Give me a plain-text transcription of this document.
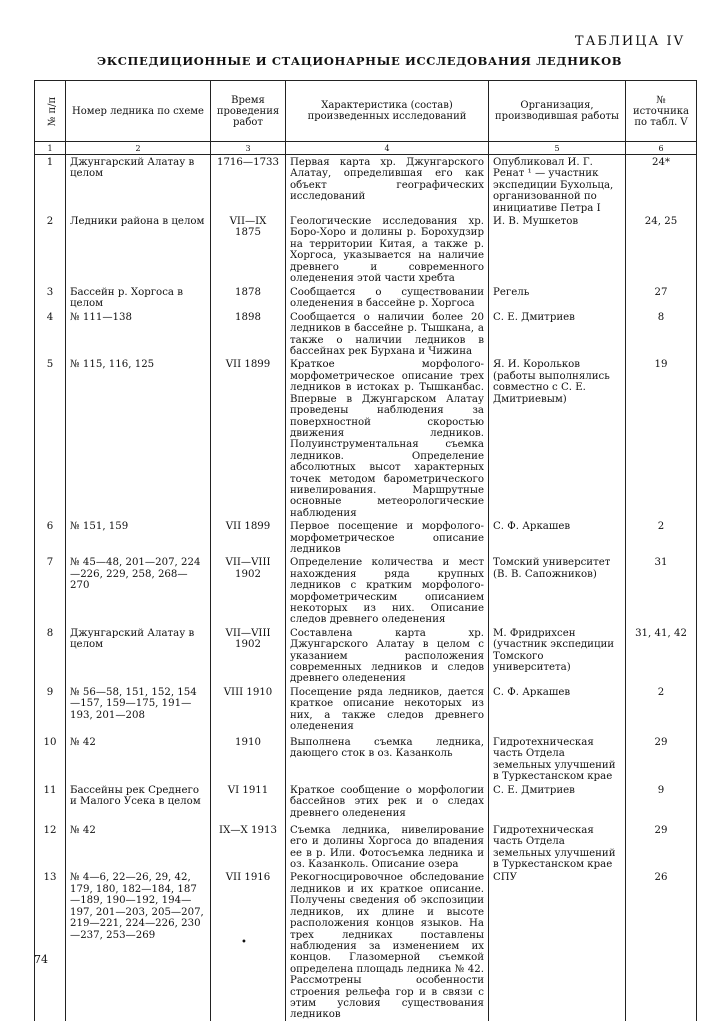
ТАБЛИЦА IV
ЭКСПЕДИЦИОННЫЕ И СТАЦИОНАРНЫЕ ИССЛЕДОВАНИЯ ЛЕДНИКОВ
№ п/п	Номер ледника по схеме	Время проведения работ	Характеристика (состав) произведенных исследований	Организация, производившая работы	№ источника по табл. V
1	2	3	4	5	6
1	Джунгарский Алатау в целом	1716—1733	Первая карта хр. Джунгарского Алатау, определившая его как объект географических исследований	Опубликовал И. Г. Ренат ¹ — участник экспедиции Бухольца, организованной по инициативе Петра I	24*
2	Ледники района в целом	VII—IX 1875	Геологические исследования хр. Боро-Хоро и долины р. Борохудзир на территории Китая, а также р. Хоргоса, указывается на наличие древнего и современного оледенения этой части хребта	И. В. Мушкетов	24, 25
3	Бассейн р. Хоргоса в целом	1878	Сообщается о существовании оледенения в бассейне р. Хоргоса	Регель	27
4	№ 111—138	1898	Сообщается о наличии более 20 ледников в бассейне р. Тышкана, а также о наличии ледников в бассейнах рек Бурхана и Чижина	С. Е. Дмитриев	8
5	№ 115, 116, 125	VII 1899	Краткое морфолого-морфометрическое описание трех ледников в истоках р. Тышканбас. Впервые в Джунгарском Алатау проведены наблюдения за поверхностной скоростью движения ледников. Полуинструментальная съемка ледников. Определение абсолютных высот характерных точек методом барометрического нивелирования. Маршрутные основные метеорологические наблюдения	Я. И. Корольков (работы выполнялись совместно с С. Е. Дмитриевым)	19
6	№ 151, 159	VII 1899	Первое посещение и морфолого-морфометрическое описание ледников	С. Ф. Аркашев	2
7	№ 45—48, 201—207, 224—226, 229, 258, 268—270	VII—VIII 1902	Определение количества и мест нахождения ряда крупных ледников с кратким морфолого-морфометрическим описанием некоторых из них. Описание следов древнего оледенения	Томский университет (В. В. Сапожников)	31
8	Джунгарский Алатау в целом	VII—VIII 1902	Составлена карта хр. Джунгарского Алатау в целом с указанием расположения современных ледников и следов древнего оледенения	М. Фридрихсен (участник экспедиции Томского университета)	31, 41, 42
9	№ 56—58, 151, 152, 154—157, 159—175, 191—193, 201—208	VIII 1910	Посещение ряда ледников, дается краткое описание некоторых из них, а также следов древнего оледенения	С. Ф. Аркашев	2
10	№ 42	1910	Выполнена съемка ледника, дающего сток в оз. Казанколь	Гидротехническая часть Отдела земельных улучшений в Туркестанском крае	29
11	Бассейны рек Среднего и Малого Усека в целом	VI 1911	Краткое сообщение о морфологии бассейнов этих рек и о следах древнего оледенения	С. Е. Дмитриев	9
12	№ 42	IX—X 1913	Съемка ледника, нивелирование его и долины Хоргоса до впадения ее в р. Или. Фотосъемка ледника и оз. Казанколь. Описание озера	Гидротехническая часть Отдела земельных улучшений в Туркестанском крае	29
13	№ 4—6, 22—26, 29, 42, 179, 180, 182—184, 187—189, 190—192, 194—197, 201—203, 205—207, 219—221, 224—226, 230—237, 253—269	VII 1916	Рекогносцировочное обследование ледников и их краткое описание. Получены сведения об экспозиции ледников, их длине и высоте расположения концов языков. На трех ледниках поставлены наблюдения за изменением их концов. Глазомерной съемкой определена площадь ледника № 42. Рассмотрены особенности строения рельефа гор и в связи с этим условия существования ледников	СПУ	26
•
74
